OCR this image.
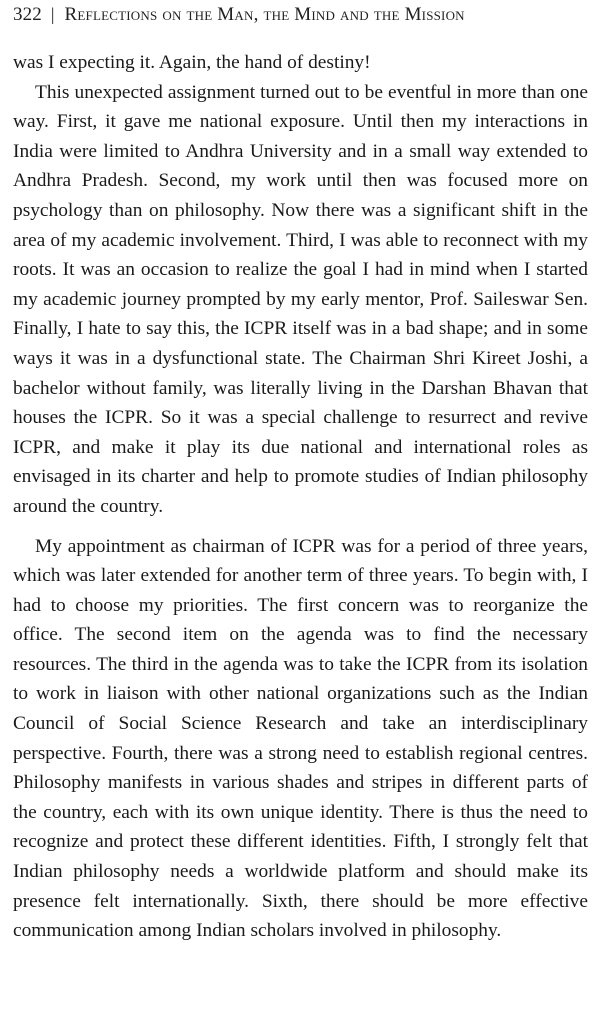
322 | Reflections on the Man, the Mind and the Mission

was I expecting it. Again, the hand of destiny!

This unexpected assignment turned out to be eventful in more than one way. First, it gave me national exposure. Until then my interactions in India were limited to Andhra University and in a small way extended to Andhra Pradesh. Second, my work until then was focused more on psychology than on philosophy. Now there was a significant shift in the area of my academic involvement. Third, I was able to reconnect with my roots. It was an occasion to realize the goal I had in mind when I started my academic journey prompted by my early mentor, Prof. Saileswar Sen. Finally, I hate to say this, the ICPR itself was in a bad shape; and in some ways it was in a dysfunctional state. The Chairman Shri Kireet Joshi, a bachelor without family, was literally living in the Darshan Bhavan that houses the ICPR. So it was a special challenge to resurrect and revive ICPR, and make it play its due national and international roles as envisaged in its charter and help to promote studies of Indian philosophy around the country.

My appointment as chairman of ICPR was for a period of three years, which was later extended for another term of three years. To begin with, I had to choose my priorities. The first concern was to reorganize the office. The second item on the agenda was to find the necessary resources. The third in the agenda was to take the ICPR from its isolation to work in liaison with other national organizations such as the Indian Council of Social Science Research and take an interdisciplinary perspective. Fourth, there was a strong need to establish regional centres. Philosophy manifests in various shades and stripes in different parts of the country, each with its own unique identity. There is thus the need to recognize and protect these different identities. Fifth, I strongly felt that Indian philosophy needs a worldwide platform and should make its presence felt internationally. Sixth, there should be more effective communication among Indian scholars involved in philosophy.
